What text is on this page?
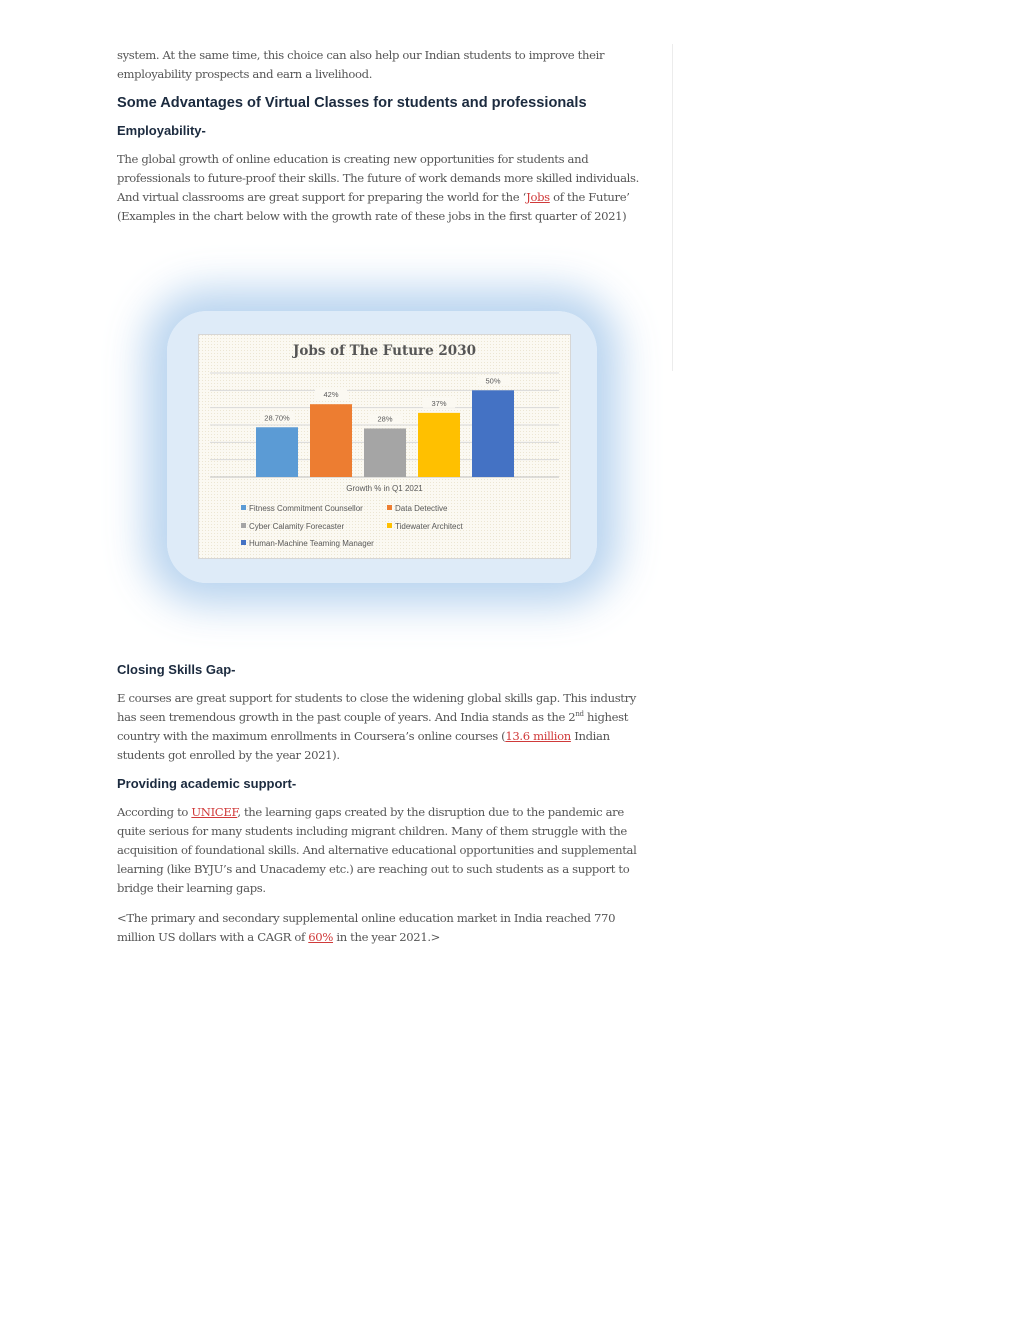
system. At the same time, this choice can also help our Indian students to improve their employability prospects and earn a livelihood.

Some Advantages of Virtual Classes for students and professionals
Employability-

The global growth of online education is creating new opportunities for students and professionals to future-proof their skills. The future of work demands more skilled individuals. And virtual classrooms are great support for preparing the world for the ‘Jobs of the Future’ (Examples in the chart below with the growth rate of these jobs in the first quarter of 2021)

28.70%
42%
28%
37%
50%
Jobs of The Future 2030
Growth % in Q1 2021
Fitness Commitment Counsellor	Data Detective
Cyber Calamity Forecaster	Tidewater Architect
Human-Machine Teaming Manager
Closing Skills Gap-

E courses are great support for students to close the widening global skills gap. This industry has seen tremendous growth in the past couple of years. And India stands as the 2nd highest country with the maximum enrollments in Coursera’s online courses (13.6 million Indian students got enrolled by the year 2021).

Providing academic support-

According to UNICEF, the learning gaps created by the disruption due to the pandemic are quite serious for many students including migrant children. Many of them struggle with the acquisition of foundational skills. And alternative educational opportunities and supplemental learning (like BYJU’s and Unacademy etc.) are reaching out to such students as a support to bridge their learning gaps.

<The primary and secondary supplemental online education market in India reached 770 million US dollars with a CAGR of 60% in the year 2021.>
